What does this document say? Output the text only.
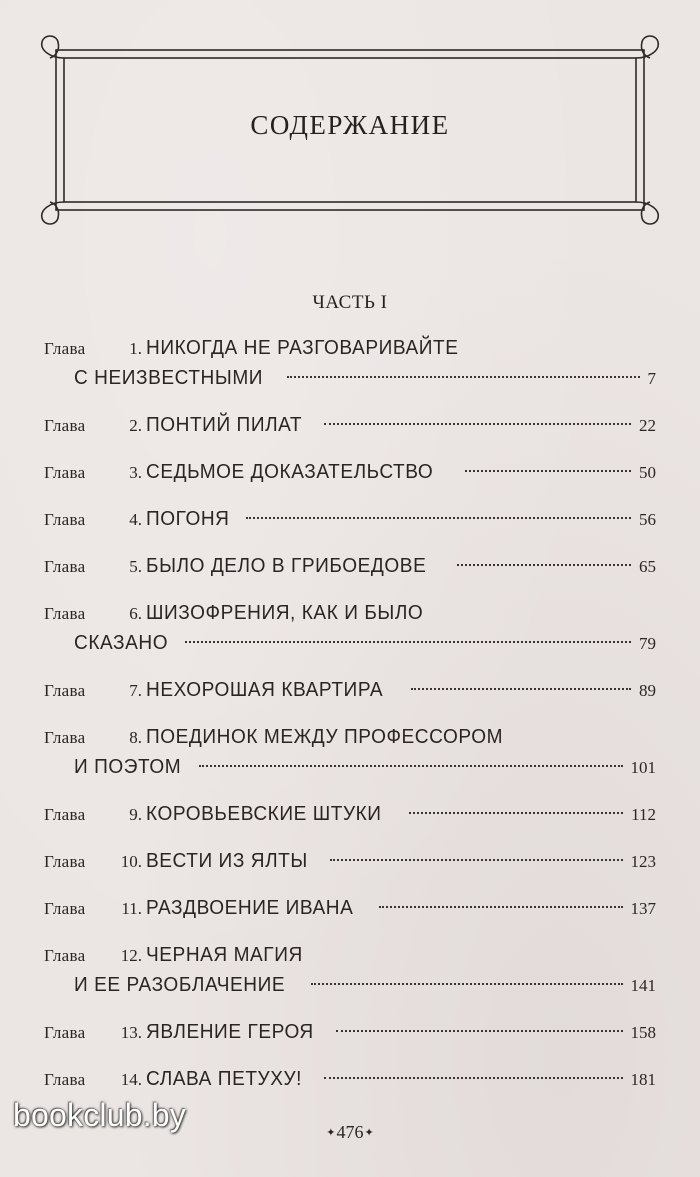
СОДЕРЖАНИЕ
ЧАСТЬ I
Глава	1. НИКОГДА НЕ РАЗГОВАРИВАЙТЕ
С НЕИЗВЕСТНЫМИ	7
Глава	2. ПОНТИЙ ПИЛАТ	22
Глава	3. СЕДЬМОЕ ДОКАЗАТЕЛЬСТВО	50
Глава	4. ПОГОНЯ	56
Глава	5. БЫЛО ДЕЛО В ГРИБОЕДОВЕ	65
Глава	6. ШИЗОФРЕНИЯ, КАК И БЫЛО
СКАЗАНО	79
Глава	7. НЕХОРОШАЯ КВАРТИРА	89
Глава	8. ПОЕДИНОК МЕЖДУ ПРОФЕССОРОМ
И ПОЭТОМ	101
Глава	9. КОРОВЬЕВСКИЕ ШТУКИ	112
Глава	10. ВЕСТИ ИЗ ЯЛТЫ	123
Глава	11. РАЗДВОЕНИЕ ИВАНА	137
Глава	12. ЧЕРНАЯ МАГИЯ
И ЕЕ РАЗОБЛАЧЕНИЕ	141
Глава	13. ЯВЛЕНИЕ ГЕРОЯ	158
Глава	14. СЛАВА ПЕТУХУ!	181
✦476✦
bookclub.by
